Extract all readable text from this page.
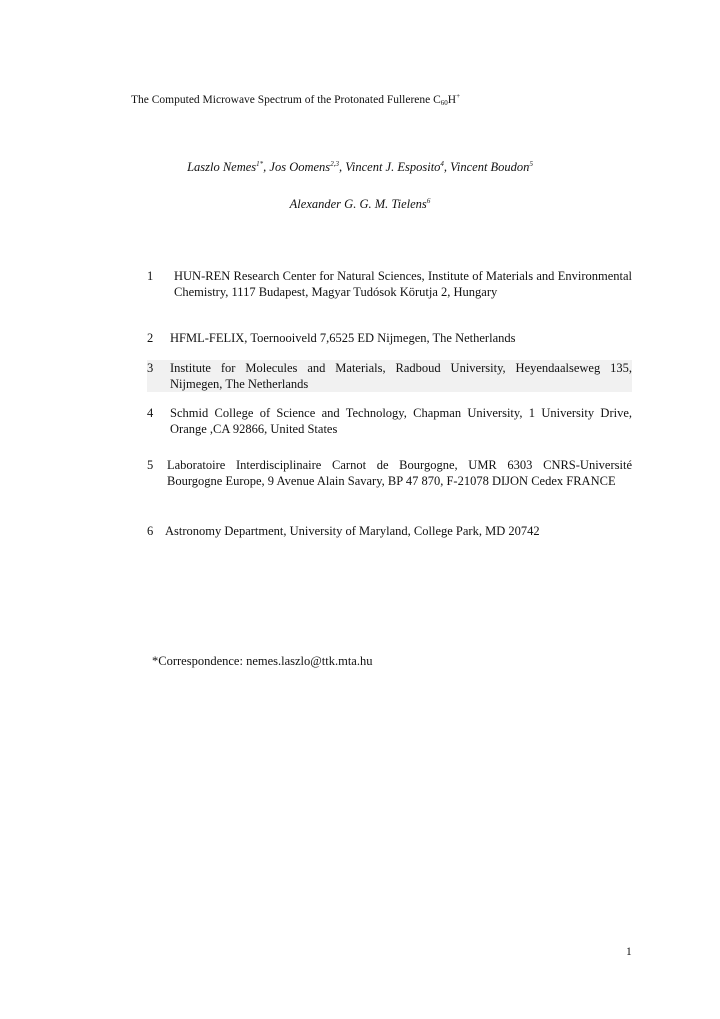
The Computed Microwave Spectrum of the Protonated Fullerene $C_{60}H^+$
Laszlo Nemes$^{1*}$, Jos Oomens$^{2,3}$, Vincent J. Esposito$^4$, Vincent Boudon$^5$
Alexander G. G. M. Tielens$^6$
1 HUN-REN Research Center for Natural Sciences, Institute of Materials and Environmental Chemistry, 1117 Budapest, Magyar Tudósok Körutja 2, Hungary
2 HFML-FELIX, Toernooiveld 7,6525 ED Nijmegen, The Netherlands
3 Institute for Molecules and Materials, Radboud University, Heyendaalseweg 135, Nijmegen, The Netherlands
4 Schmid College of Science and Technology, Chapman University, 1 University Drive, Orange ,CA 92866, United States
5 Laboratoire Interdisciplinaire Carnot de Bourgogne, UMR 6303 CNRS-Université Bourgogne Europe, 9 Avenue Alain Savary, BP 47 870, F-21078 DIJON Cedex FRANCE
6 Astronomy Department, University of Maryland, College Park, MD 20742
*Correspondence: nemes.laszlo@ttk.mta.hu
1
